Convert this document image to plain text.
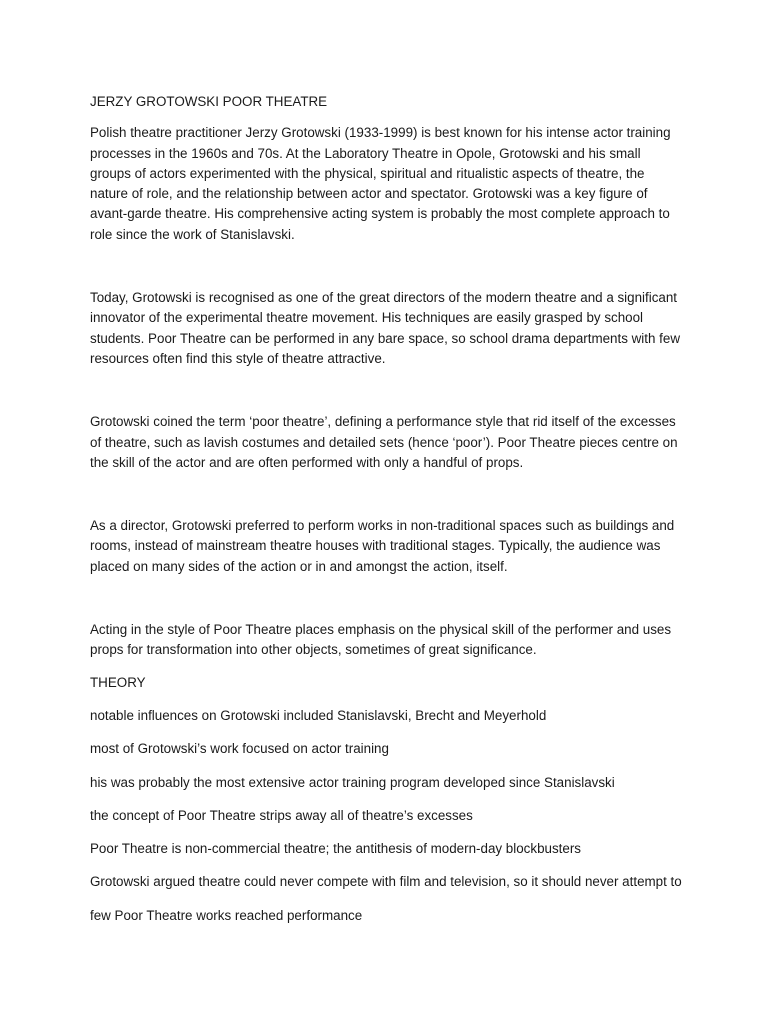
JERZY GROTOWSKI POOR THEATRE

Polish theatre practitioner Jerzy Grotowski (1933-1999) is best known for his intense actor training processes in the 1960s and 70s. At the Laboratory Theatre in Opole, Grotowski and his small groups of actors experimented with the physical, spiritual and ritualistic aspects of theatre, the nature of role, and the relationship between actor and spectator. Grotowski was a key figure of avant-garde theatre. His comprehensive acting system is probably the most complete approach to role since the work of Stanislavski.

Today, Grotowski is recognised as one of the great directors of the modern theatre and a significant innovator of the experimental theatre movement. His techniques are easily grasped by school students. Poor Theatre can be performed in any bare space, so school drama departments with few resources often find this style of theatre attractive.

Grotowski coined the term ‘poor theatre’, defining a performance style that rid itself of the excesses of theatre, such as lavish costumes and detailed sets (hence ‘poor’). Poor Theatre pieces centre on the skill of the actor and are often performed with only a handful of props.

As a director, Grotowski preferred to perform works in non-traditional spaces such as buildings and rooms, instead of mainstream theatre houses with traditional stages. Typically, the audience was placed on many sides of the action or in and amongst the action, itself.

Acting in the style of Poor Theatre places emphasis on the physical skill of the performer and uses props for transformation into other objects, sometimes of great significance.

THEORY

notable influences on Grotowski included Stanislavski, Brecht and Meyerhold

most of Grotowski’s work focused on actor training

his was probably the most extensive actor training program developed since Stanislavski

the concept of Poor Theatre strips away all of theatre’s excesses

Poor Theatre is non-commercial theatre; the antithesis of modern-day blockbusters

Grotowski argued theatre could never compete with film and television, so it should never attempt to

few Poor Theatre works reached performance
